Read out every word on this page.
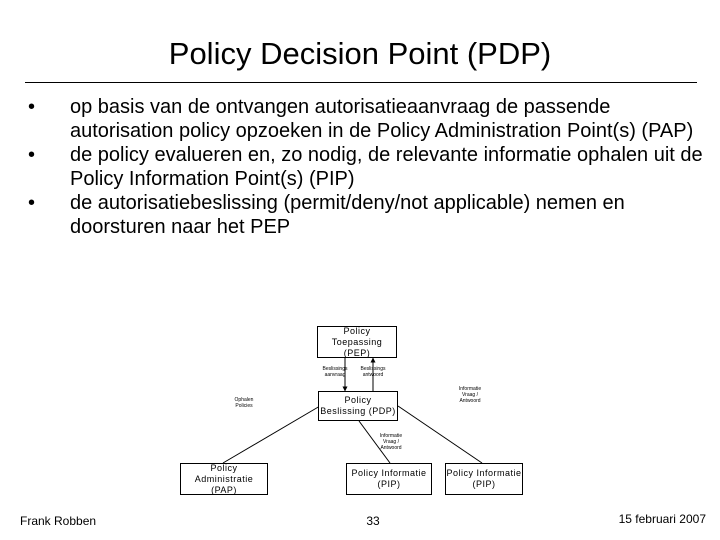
Policy Decision Point (PDP)
• op basis van de ontvangen autorisatieaanvraag de passende autorisation policy opzoeken in de Policy Administration Point(s) (PAP)
• de policy evalueren en, zo nodig, de relevante informatie ophalen uit de Policy Information Point(s) (PIP)
• de autorisatiebeslissing (permit/deny/not applicable) nemen en doorsturen naar het PEP
Policy
Toepassing
(PEP)
Policy
Beslissing (PDP)
Policy Administratie
(PAP)
Policy Informatie
(PIP)
Policy Informatie
(PIP)
Beslissings
aanvraag
Beslissings
antwoord
Ophalen
Policies
Informatie
Vraag /
Antwoord
Informatie
Vraag /
Antwoord
Frank Robben	33	15 februari 2007
